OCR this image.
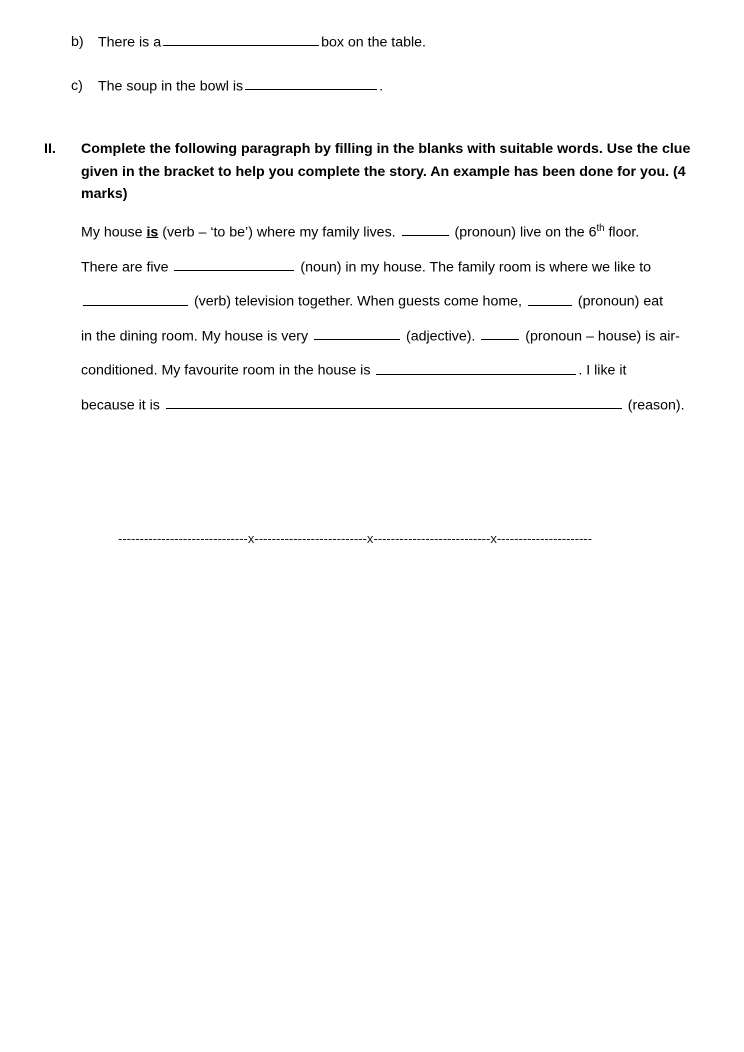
b)	There is a	box on the table.
c)	The soup in the bowl is	.
II.	Complete the following paragraph by filling in the blanks with suitable words. Use the clue given in the bracket to help you complete the story. An example has been done for you. (4 marks)
My house is (verb – ‘to be’) where my family lives.	(pronoun) live on the 6th floor.
There are five	(noun) in my house. The family room is where we like to
(verb) television together. When guests come home,	(pronoun) eat
in the dining room. My house is very	(adjective).	(pronoun – house) is air-
conditioned. My favourite room in the house is	. I like it
because it is	(reason).
------------------------------x--------------------------x---------------------------x----------------------
